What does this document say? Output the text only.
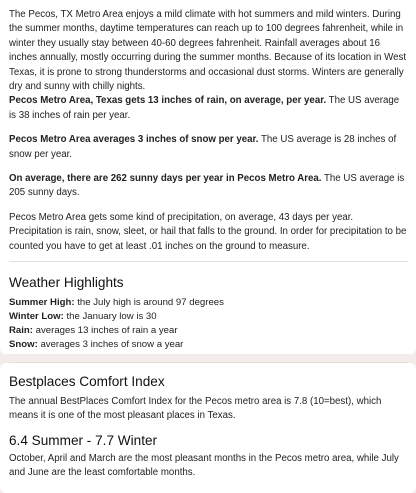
The Pecos, TX Metro Area enjoys a mild climate with hot summers and mild winters. During the summer months, daytime temperatures can reach up to 100 degrees fahrenheit, while in winter they usually stay between 40-60 degrees fahrenheit. Rainfall averages about 16 inches annually, mostly occurring during the summer months. Because of its location in West Texas, it is prone to strong thunderstorms and occasional dust storms. Winters are generally dry and sunny with chilly nights.

Pecos Metro Area, Texas gets 13 inches of rain, on average, per year. The US average is 38 inches of rain per year.

Pecos Metro Area averages 3 inches of snow per year. The US average is 28 inches of snow per year.

On average, there are 262 sunny days per year in Pecos Metro Area. The US average is 205 sunny days.

Pecos Metro Area gets some kind of precipitation, on average, 43 days per year. Precipitation is rain, snow, sleet, or hail that falls to the ground. In order for precipitation to be counted you have to get at least .01 inches on the ground to measure.

Weather Highlights

Summer High: the July high is around 97 degrees

Winter Low: the January low is 30

Rain: averages 13 inches of rain a year

Snow: averages 3 inches of snow a year

Bestplaces Comfort Index

The annual BestPlaces Comfort Index for the Pecos metro area is 7.8 (10=best), which means it is one of the most pleasant places in Texas.

6.4 Summer - 7.7 Winter

October, April and March are the most pleasant months in the Pecos metro area, while July and June are the least comfortable months.
